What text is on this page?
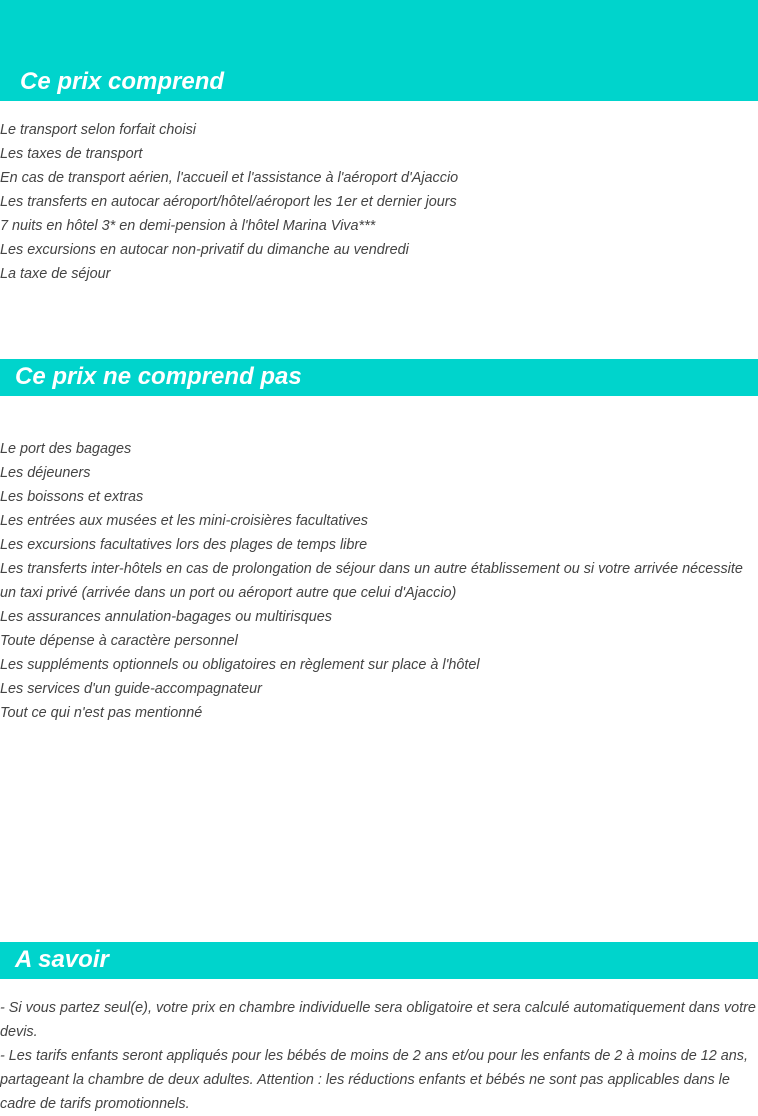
Ce prix comprend
Le transport selon forfait choisi
Les taxes de transport
En cas de transport aérien, l'accueil et l'assistance à l'aéroport d'Ajaccio
Les transferts en autocar aéroport/hôtel/aéroport les 1er et dernier jours
7 nuits en hôtel 3* en demi-pension à l'hôtel Marina Viva***
Les excursions en autocar non-privatif du dimanche au vendredi
La taxe de séjour
Ce prix ne comprend pas
Le port des bagages
Les déjeuners
Les boissons et extras
Les entrées aux musées et les mini-croisières facultatives
Les excursions facultatives lors des plages de temps libre
Les transferts inter-hôtels en cas de prolongation de séjour dans un autre établissement ou si votre arrivée nécessite un taxi privé (arrivée dans un port ou aéroport autre que celui d'Ajaccio)
Les assurances annulation-bagages ou multirisques
Toute dépense à caractère personnel
Les suppléments optionnels ou obligatoires en règlement sur place à l'hôtel
Les services d'un guide-accompagnateur
Tout ce qui n'est pas mentionné
A savoir

- Si vous partez seul(e), votre prix en chambre individuelle sera obligatoire et sera calculé automatiquement dans votre devis.

- Les tarifs enfants seront appliqués pour les bébés de moins de 2 ans et/ou pour les enfants de 2 à moins de 12 ans, partageant la chambre de deux adultes. Attention : les réductions enfants et bébés ne sont pas applicables dans le cadre de tarifs promotionnels.
